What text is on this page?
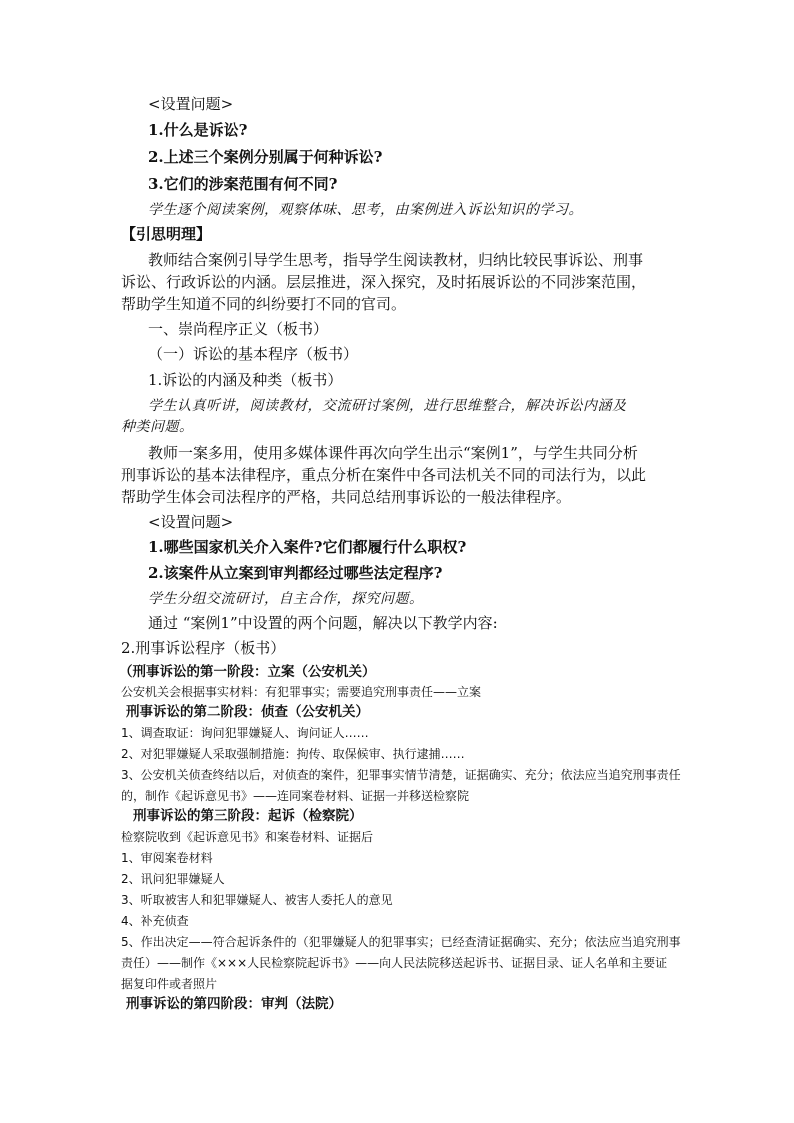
<设置问题>
1.什么是诉讼?
2.上述三个案例分别属于何种诉讼?
3.它们的涉案范围有何不同?
学生逐个阅读案例，观察体味、思考，由案例进入诉讼知识的学习。
【引思明理】
教师结合案例引导学生思考，指导学生阅读教材，归纳比较民事诉讼、刑事
诉讼、行政诉讼的内涵。层层推进，深入探究，及时拓展诉讼的不同涉案范围，
帮助学生知道不同的纠纷要打不同的官司。
一、崇尚程序正义（板书）
（一）诉讼的基本程序（板书）
1.诉讼的内涵及种类（板书）
学生认真听讲，阅读教材，交流研讨案例，进行思维整合，解决诉讼内涵及
种类问题。
教师一案多用，使用多媒体课件再次向学生出示“案例1”，与学生共同分析
刑事诉讼的基本法律程序，重点分析在案件中各司法机关不同的司法行为，以此
帮助学生体会司法程序的严格，共同总结刑事诉讼的一般法律程序。
<设置问题>
1.哪些国家机关介入案件?它们都履行什么职权?
2.该案件从立案到审判都经过哪些法定程序?
学生分组交流研讨，自主合作，探究问题。
通过 “案例1”中设置的两个问题，解决以下教学内容:
2.刑事诉讼程序（板书）
（刑事诉讼的第一阶段：立案（公安机关）
公安机关会根据事实材料：有犯罪事实；需要追究刑事责任——立案
刑事诉讼的第二阶段：侦查（公安机关）
1、调查取证：询问犯罪嫌疑人、询问证人……
2、对犯罪嫌疑人采取强制措施：拘传、取保候审、执行逮捕……
3、公安机关侦查终结以后，对侦查的案件，犯罪事实情节清楚，证据确实、充分；依法应当追究刑事责任
的，制作《起诉意见书》——连同案卷材料、证据一并移送检察院
刑事诉讼的第三阶段：起诉（检察院）
检察院收到《起诉意见书》和案卷材料、证据后
1、审阅案卷材料
2、讯问犯罪嫌疑人
3、听取被害人和犯罪嫌疑人、被害人委托人的意见
4、补充侦查
5、作出决定——符合起诉条件的（犯罪嫌疑人的犯罪事实；已经查清证据确实、充分；依法应当追究刑事
责任）——制作《×××人民检察院起诉书》——向人民法院移送起诉书、证据目录、证人名单和主要证
据复印件或者照片
刑事诉讼的第四阶段：审判（法院）
